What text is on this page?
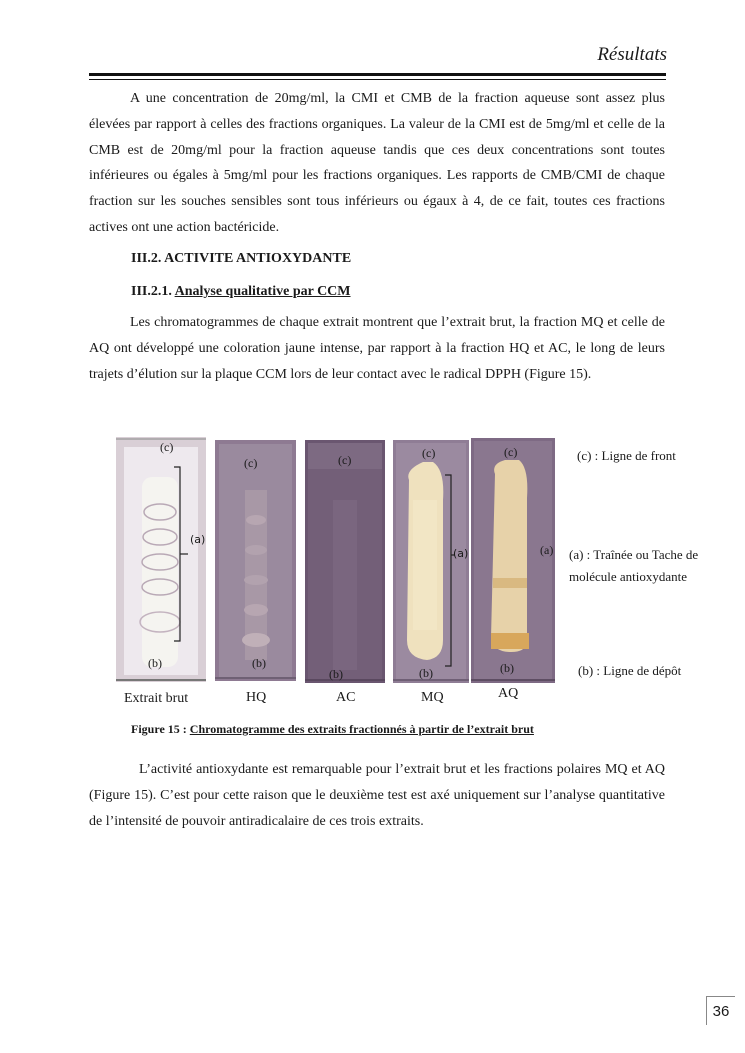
Résultats

A une concentration de 20mg/ml, la CMI et CMB de la fraction aqueuse sont assez plus élevées par rapport à celles des fractions organiques. La valeur de la CMI est de 5mg/ml et celle de la CMB est de 20mg/ml pour la fraction aqueuse tandis que ces deux concentrations sont toutes inférieures ou égales à 5mg/ml pour les fractions organiques. Les rapports de CMB/CMI de chaque fraction sur les souches sensibles sont tous inférieurs ou égaux à 4, de ce fait, toutes ces fractions actives ont une action bactéricide.

III.2. ACTIVITE ANTIOXYDANTE
III.2.1. Analyse qualitative par CCM

Les chromatogrammes de chaque extrait montrent que l’extrait brut, la fraction MQ et celle de AQ ont développé une coloration jaune intense, par rapport à la fraction HQ et AC, le long de leurs trajets d’élution sur la plaque CCM lors de leur contact avec le radical DPPH (Figure 15).

(c)
(a)
(b)
(c)
(b)
(c)
(b)
(c)
(a)
(b)
(c)
(a)
(b)
(c) : Ligne de front
(a) : Traînée ou Tache de molécule antioxydante
(b) : Ligne de dépôt
Extrait brut	HQ	AC	MQ	AQ
Figure 15 : Chromatogramme des extraits fractionnés à partir de l’extrait brut

L’activité antioxydante est remarquable pour l’extrait brut et les fractions polaires MQ et AQ (Figure 15). C’est pour cette raison que le deuxième test est axé uniquement sur l’analyse quantitative de l’intensité de pouvoir antiradicalaire de ces trois extraits.

36
